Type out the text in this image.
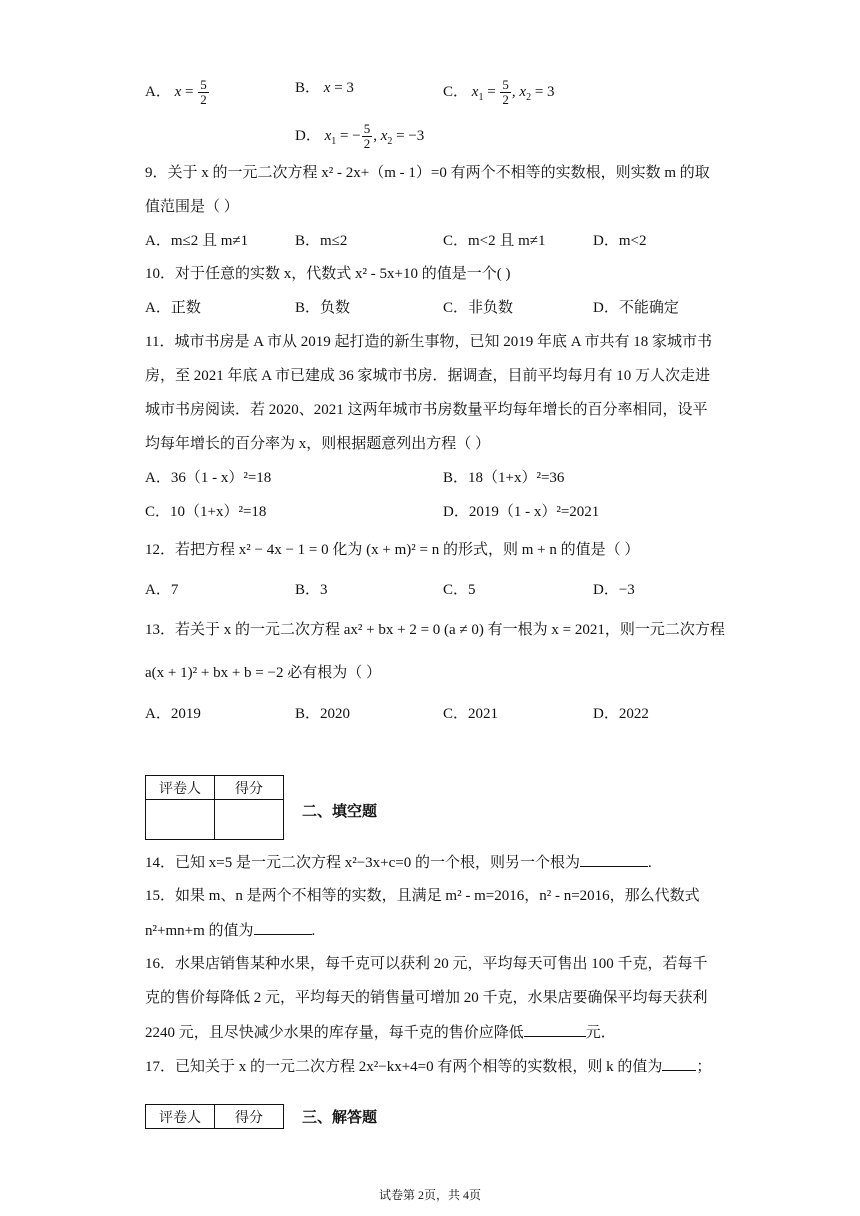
A． $x = \frac{5}{2}$	B． x = 3	C． $x_1 = \frac{5}{2}$ , $x_2 = 3$
D． $x_1$ = − $\frac{5}{2}$ , $x_2 = -3$
9．关于 x 的一元二次方程 x² - 2x+（m - 1）=0 有两个不相等的实数根，则实数 m 的取
值范围是（ ）
A．m≤2 且 m≠1	B．m≤2	C．m<2 且 m≠1	D．m<2
10．对于任意的实数 x，代数式 x² - 5x+10 的值是一个( )
A．正数	B．负数	C．非负数	D．不能确定
11．城市书房是 A 市从 2019 起打造的新生事物，已知 2019 年底 A 市共有 18 家城市书
房，至 2021 年底 A 市已建成 36 家城市书房．据调查，目前平均每月有 10 万人次走进
城市书房阅读．若 2020、2021 这两年城市书房数量平均每年增长的百分率相同，设平
均每年增长的百分率为 x，则根据题意列出方程（ ）
A．36（1 - x）²=18	B．18（1+x）²=36
C．10（1+x）²=18	D．2019（1 - x）²=2021
12．若把方程 x² − 4x − 1 = 0 化为 (x + m)² = n 的形式，则 m + n 的值是（ ）
A．7	B．3	C．5	D．−3
13．若关于 x 的一元二次方程 ax² + bx + 2 = 0 (a ≠ 0) 有一根为 x = 2021，则一元二次方程
a(x + 1)² + bx + b = −2 必有根为（ ）
A．2019	B．2020	C．2021	D．2022
评卷人	得分

二、填空题
14．已知 x=5 是一元二次方程 x²−3x+c=0 的一个根，则另一个根为	.
15．如果 m、n 是两个不相等的实数，且满足 m² - m=2016，n² - n=2016，那么代数式
n²+mn+m 的值为	.
16．水果店销售某种水果，每千克可以获利 20 元，平均每天可售出 100 千克，若每千
克的售价每降低 2 元，平均每天的销售量可增加 20 千克，水果店要确保平均每天获利
2240 元，且尽快减少水果的库存量，每千克的售价应降低	元．
17．已知关于 x 的一元二次方程 2x²−kx+4=0 有两个相等的实数根，则 k 的值为 ；
评卷人	得分	三、解答题
试卷第 2页，共 4页
